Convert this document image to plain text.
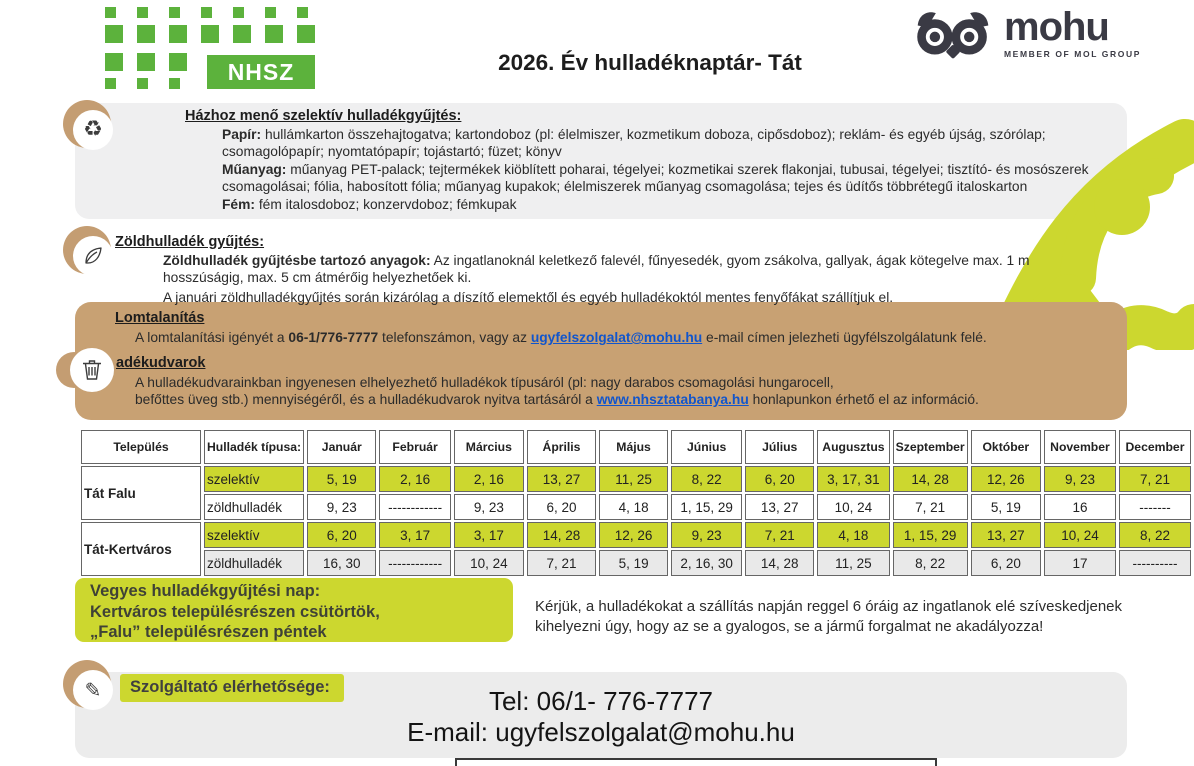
NHSZ	2026. Év hulladéknaptár- Tát
mohu
MEMBER OF MOL GROUP
♻
Házhoz menő szelektív hulladékgyűjtés:

Papír: hullámkarton összehajtogatva; kartondoboz (pl: élelmiszer, kozmetikum doboza, cipősdoboz); reklám- és egyéb újság, szórólap; csomagolópapír; nyomtatópapír; tojástartó; füzet; könyv

Műanyag: műanyag PET-palack; tejtermékek kiöblített poharai, tégelyei; kozmetikai szerek flakonjai, tubusai, tégelyei; tisztító- és mosószerek csomagolásai; fólia, habosított fólia; műanyag kupakok; élelmiszerek műanyag csomagolása; tejes és üdítős többrétegű italoskarton

Fém: fém italosdoboz; konzervdoboz; fémkupak

Zöldhulladék gyűjtés:

Zöldhulladék gyűjtésbe tartozó anyagok: Az ingatlanoknál keletkező falevél, fűnyesedék, gyom zsákolva, gallyak, ágak kötegelve max. 1 m hosszúságig, max. 5 cm átmérőig helyezhetőek ki.

A januári zöldhulladékgyűjtés során kizárólag a díszítő elemektől és egyéb hulladékoktól mentes fenyőfákat szállítjuk el.

Lomtalanítás
A lomtalanítási igényét a 06-1/776-7777 telefonszámon, vagy az ugyfelszolgalat@mohu.hu e-mail címen jelezheti ügyfélszolgálatunk felé.
adékudvarok
A hulladékudvarainkban ingyenesen elhelyezhető hulladékok típusáról (pl: nagy darabos csomagolási hungarocell,
befőttes üveg stb.) mennyiségéről, és a hulladékudvarok nyitva tartásáról a www.nhsztatabanya.hu honlapunkon érhető el az információ.
Település	Hulladék típusa:	Január	Február	Március	Április	Május	Június	Július	Augusztus	Szeptember	Október	November	December
Tát Falu	szelektív	5, 19	2, 16	2, 16	13, 27	11, 25	8, 22	6, 20	3, 17, 31	14, 28	12, 26	9, 23	7, 21
	zöldhulladék	9, 23	------------	9, 23	6, 20	4, 18	1, 15, 29	13, 27	10, 24	7, 21	5, 19	16	-------
Tát-Kertváros	szelektív	6, 20	3, 17	3, 17	14, 28	12, 26	9, 23	7, 21	4, 18	1, 15, 29	13, 27	10, 24	8, 22
	zöldhulladék	16, 30	------------	10, 24	7, 21	5, 19	2, 16, 30	14, 28	11, 25	8, 22	6, 20	17	----------
Vegyes hulladékgyűjtési nap:
Kertváros településrészen csütörtök,
„Falu” településrészen péntek
Kérjük, a hulladékokat a szállítás napján reggel 6 óráig az ingatlanok elé szíveskedjenek kihelyezni úgy, hogy az se a gyalogos, se a jármű forgalmat ne akadályozza!
✎	Szolgáltató elérhetősége:	Tel: 06/1- 776-7777
E-mail: ugyfelszolgalat@mohu.hu
